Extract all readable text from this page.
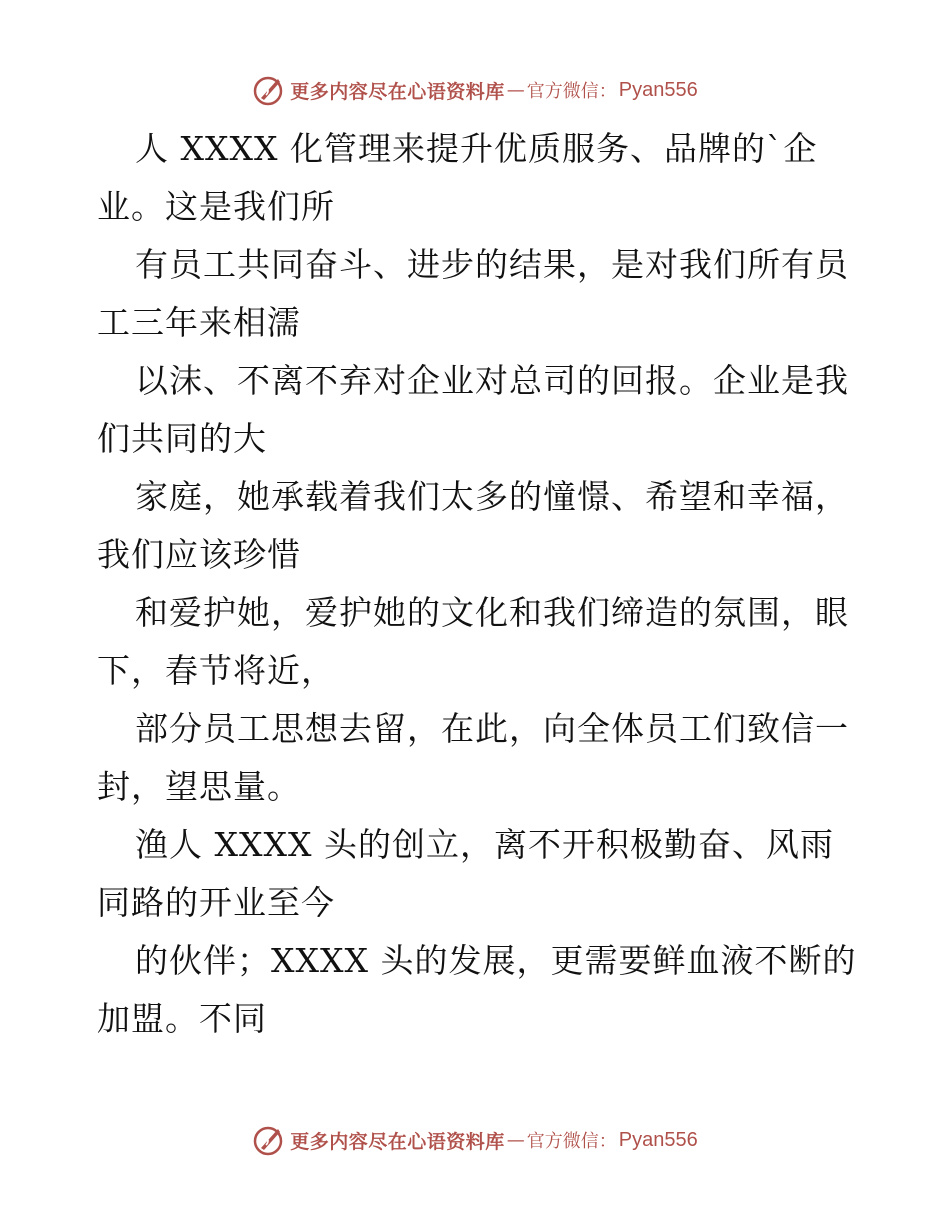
更多内容尽在心语资料库 — 官方微信： Pyan556

人 XXXX 化管理来提升优质服务、品牌的`企业。这是我们所

有员工共同奋斗、进步的结果，是对我们所有员工三年来相濡

以沫、不离不弃对企业对总司的回报。企业是我们共同的大

家庭，她承载着我们太多的憧憬、希望和幸福，我们应该珍惜

和爱护她，爱护她的文化和我们缔造的氛围，眼下，春节将近，

部分员工思想去留，在此，向全体员工们致信一封，望思量。

渔人 XXXX 头的创立，离不开积极勤奋、风雨同路的开业至今

的伙伴；XXXX 头的发展，更需要鲜血液不断的加盟。不同

更多内容尽在心语资料库 — 官方微信： Pyan556
